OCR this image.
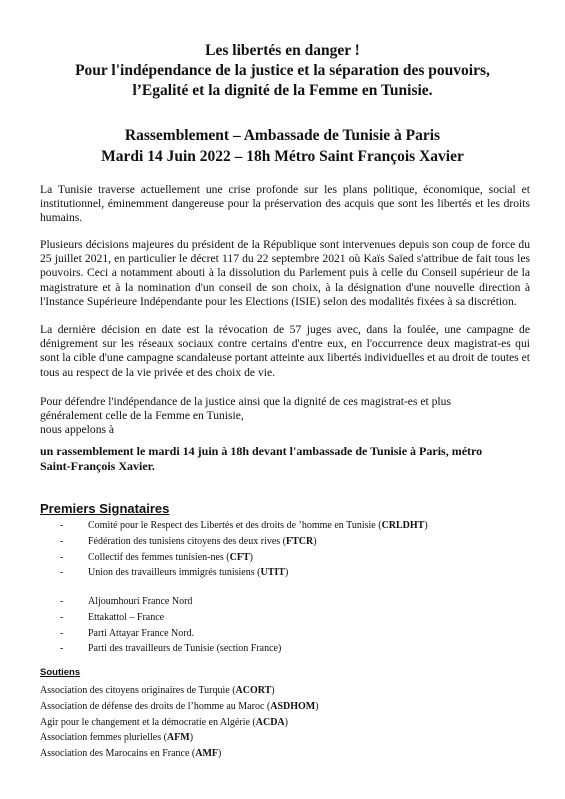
Les libertés en danger !
Pour l'indépendance de la justice et la séparation des pouvoirs,
l’Egalité et la dignité de la Femme en Tunisie.
Rassemblement – Ambassade de Tunisie à Paris
Mardi 14 Juin 2022 – 18h Métro Saint François Xavier
La Tunisie traverse actuellement une crise profonde sur les plans politique, économique, social et institutionnel, éminemment dangereuse pour la préservation des acquis que sont les libertés et les droits humains.
Plusieurs décisions majeures du président de la République sont intervenues depuis son coup de force du 25 juillet 2021, en particulier le décret 117 du 22 septembre 2021 où Kaïs Saïed s'attribue de fait tous les pouvoirs. Ceci a notamment abouti à la dissolution du Parlement puis à celle du Conseil supérieur de la magistrature et à la nomination d'un conseil de son choix, à la désignation d'une nouvelle direction à l'Instance Supérieure Indépendante pour les Elections (ISIE) selon des modalités fixées à sa discrétion.
La dernière décision en date est la révocation de 57 juges avec, dans la foulée, une campagne de dénigrement sur les réseaux sociaux contre certains d'entre eux, en l'occurrence deux magistrat-es qui sont la cible d'une campagne scandaleuse portant atteinte aux libertés individuelles et au droit de toutes et tous au respect de la vie privée et des choix de vie.
Pour défendre l'indépendance de la justice ainsi que la dignité de ces magistrat-es et plus
généralement celle de la Femme en Tunisie,
nous appelons à
un rassemblement le mardi 14 juin à 18h devant l'ambassade de Tunisie à Paris, métro
Saint-François Xavier.
Premiers Signataires
- Comité pour le Respect des Libertés et des droits de ’homme en Tunisie (CRLDHT)
- Fédération des tunisiens citoyens des deux rives (FTCR)
- Collectif des femmes tunisien-nes (CFT)
- Union des travailleurs immigrés tunisiens (UTIT)
- Aljoumhouri France Nord
- Ettakattol – France
- Parti Attayar France Nord.
- Parti des travailleurs de Tunisie (section France)
Soutiens
Association des citoyens originaires de Turquie (ACORT)
Association de défense des droits de l’homme au Maroc (ASDHOM)
Agir pour le changement et la démocratie en Algérie (ACDA)
Association femmes plurielles (AFM)
Association des Marocains en France (AMF)
